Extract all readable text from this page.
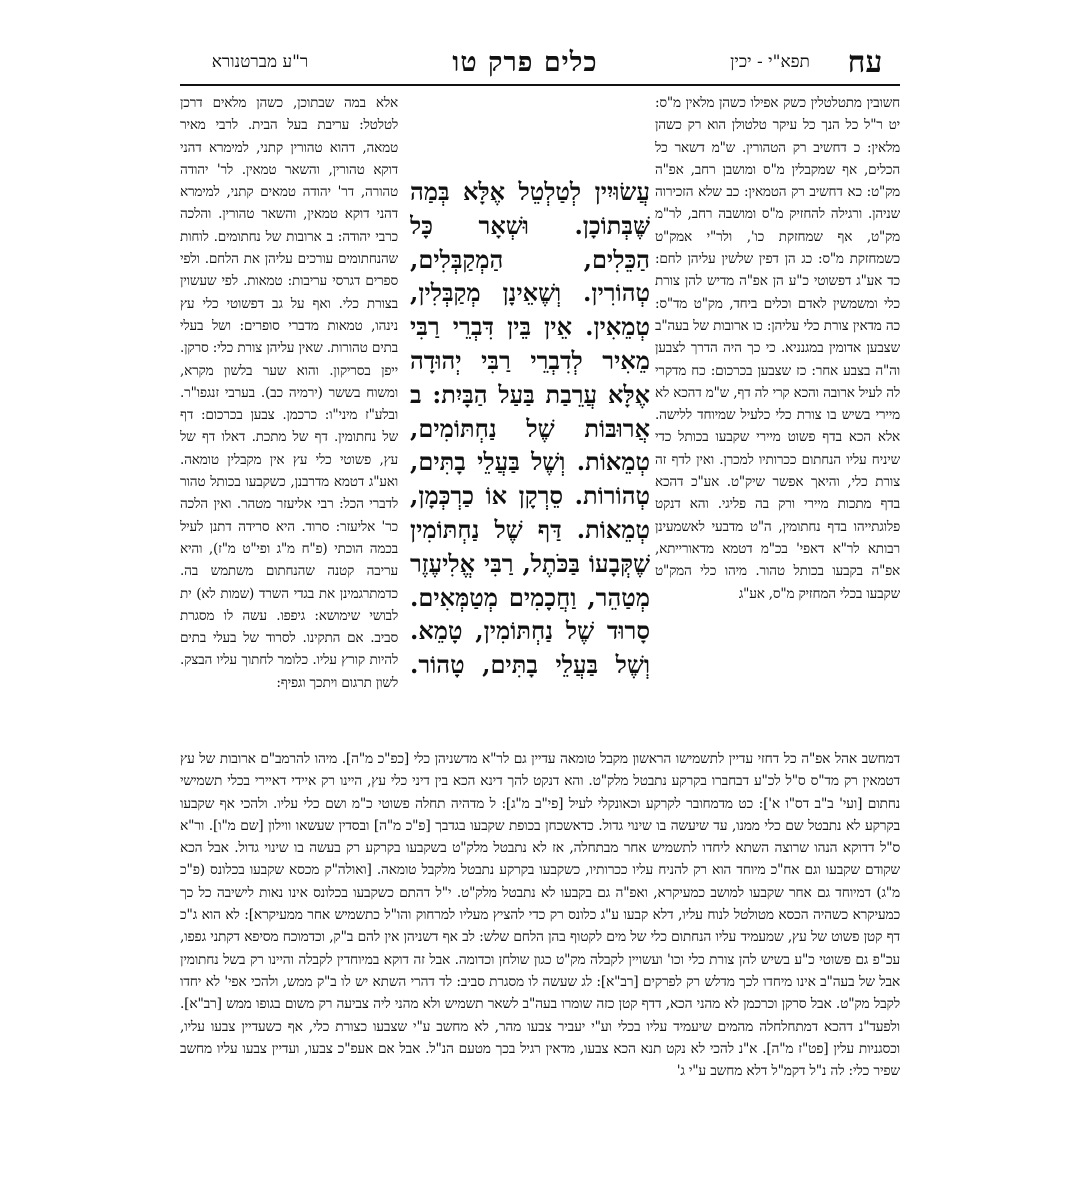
עח
תפא"י - יכין
כלים פרק טו
ר"ע מברטנורא

חשובין מתטלטלין כשק אפילו כשהן מלאין מ"ס: יט ר"ל כל הנך כל עיקר טלטולן הוא רק כשהן מלאין: כ דחשיב רק הטהורין. ש"מ דשאר כל הכלים, אף שמקבלין מ"ס ומושבן רחב, אפ"ה מק"ט: כא דחשיב רק הטמאין: כב שלא הזכירוה שניהן. ורגילה להחזיק מ"ס ומושבה רחב, לר"מ מק"ט, אף שמחזקת כו', ולר"י אמק"ט כשמחזקת מ"ס: כג הן דפין שלשין עליהן לחם: כד אע"ג דפשוטי כ"ע הן אפ"ה מדיש להן צורת כלי ומשמשין לאדם וכלים ביחד, מק"ט מד"ס: כה מדאין צורת כלי עליהן: כו ארובות של בעה"ב שצבען אדומין במגנניא. כי כך היה הדרך לצבען וה"ה בצבע אחר: כז שצבען בכרכום: כח מדקרי לה לעיל ארובה והכא קרי לה דף, ש"מ דהכא לא מיירי בשיש בו צורת כלי כלעיל שמיוחד ללישה. אלא הכא בדף פשוט מיירי שקבעו בכותל כדי שיניח עליו הנחתום ככרותיו למכרן. ואין לדף זה צורת כלי, והיאך אפשר שיק"ט. אע"כ דהכא בדף מתכות מיירי ורק בה פליגי. והא דנקט פלוגתייהו בדף נחתומין, ה"ט מדבעי לאשמעינן רבותא לר"א דאפי' בכ"מ דטמא מדאורייתא, אפ"ה בקבעו בכותל טהור. מיהו כלי המק"ט שקבעו בכלי המחזיק מ"ס, אע"ג

עֲשׂוּיִין לְטַלְטֵל אֶלָּא בְּמַה שֶּׁבְּתוֹכָן. וּשְׁאָר כָּל הַכֵּלִים, הַמְקַבְּלִים, טְהוֹרִין. וְשֶׁאֵינָן מְקַבְּלִין, טְמֵאִין. אֵין בֵּין דִּבְרֵי רַבִּי מֵאִיר לְדִבְרֵי רַבִּי יְהוּדָה אֶלָּא עֲרֵבַת בַּעַל הַבָּיִת: ב אֲרוּבּוֹת שֶׁל נַחְתּוֹמִים, טְמֵאוֹת. וְשֶׁל בַּעֲלֵי בָתִּים, טְהוֹרוֹת. סֵרְקָן אוֹ כַרְכְּמָן, טְמֵאוֹת. דַּף שֶׁל נַחְתּוֹמִין שֶׁקְּבָעוֹ בַּכֹּתֶל, רַבִּי אֱלִיעֶזֶר מְטַהֵר, וַחֲכָמִים מְטַמְּאִים. סָרוּד שֶׁל נַחְתּוֹמִין, טָמֵא. וְשֶׁל בַּעֲלֵי בָתִּים, טָהוֹר.

אלא במה שבתוכן, כשהן מלאים דרכן לטלטל: עריבת בעל הבית. לרבי מאיר טמאה, דהוא טהורין קתני, למימרא דהני דוקא טהורין, והשאר טמאין. לר' יהודה טהורה, דר' יהודה טמאים קתני, למימרא דהני דוקא טמאין, והשאר טהורין. והלכה כרבי יהודה: ב ארובות של נחתומים. לוחות שהנחתומים עורכים עליהן את הלחם. ולפי ספרים דגרסי עריבות: טמאות. לפי שעשוין בצורת כלי. ואף על גב דפשוטי כלי עץ נינהו, טמאות מדברי סופרים: ושל בעלי בתים טהורות. שאין עליהן צורת כלי: סרקן. ייפן בסריקון. והוא שער בלשון מקרא, ומשוח בששר (ירמיה כב). בערבי זנגפו"ר. ובלע"ז מיני"ו: כרכמן. צבען בכרכום: דף של נחתומין. דף של מתכת. דאלו דף של עץ, פשוטי כלי עץ אין מקבלין טומאה. ואע"ג דטמא מדרבנן, כשקבעו בכותל טהור לדברי הכל: רבי אליעזר מטהר. ואין הלכה כר' אליעזר: סרוד. היא סרידה דתנן לעיל בכמה הוכתי (פ"ח מ"ג ופי"ט מ"ז), והיא עריבה קטנה שהנחתום משתמש בה. כדמתרגמינן את בגדי השרד (שמות לא) ית לבושי שימושא: גיפפו. עשה לו מסגרת סביב. אם התקינו. לסרוד של בעלי בתים להיות קורץ עליו. כלומר לחתוך עליו הבצק. לשון תרגום ויתכך וגפיף:

דמחשב אהל אפ"ה כל דחזי עדיין לתשמישו הראשון מקבל טומאה עדיין גם לר"א מדשניהן כלי [כפ"כ מ"ה]. מיהו להרמב"ם ארובות של עץ דטמאין רק מד"ס ס"ל לכ"ע דבחברו בקרקע נתבטל מלק"ט. והא דנקט להך דינא הכא בין דיני כלי עץ, היינו רק איידי דאיירי בכלי תשמישי נחתום [ועי' ב"ב דס"ו א']: כט מדמחובר לקרקע וכאונקלי לעיל [פי"ב מ"ג]: ל מדהיה תחלה פשוטי כ"מ ושם כלי עליו. ולהכי אף שקבעו בקרקע לא נתבטל שם כלי ממנו, עד שיעשה בו שינוי גדול. כדאשכחן בכופת שקבעו בגדבך [פ"כ מ"ה] ובסדין שעשאו ווילון [שם מ"ו]. ור"א ס"ל דדוקא הנהו שרוצה השתא ליחדו לתשמיש אחר מבתחלה, אז לא נתבטל מלק"ט בשקבעו בקרקע רק בעשה בו שינוי גדול. אבל הכא שקודם שקבעו וגם אח"כ מיוחד הוא רק להניח עליו ככרותיו, כשקבעו בקרקע נתבטל מלקבל טומאה. [ואולה"ק מכסא שקבעו בכלונס (פ"כ מ"ג) דמיוחד גם אחר שקבעו למושב כמעיקרא, ואפ"ה גם בקבעו לא נתבטל מלק"ט. י"ל דהתם כשקבעו בכלונס אינו נאות לישיבה כל כך כמעיקרא כשהיה הכסא מטולטל לנוח עליו, דלא קבעו ע"ג כלונס רק כדי להציץ מעליו למרחוק והו"ל כתשמיש אחר ממעיקרא]: לא הוא ג"כ דף קטן פשוט של עץ, שמעמיד עליו הנחתום כלי של מים לקטוף בהן הלחם שלש: לב אף דשניהן אין להם ב"ק, וכדמוכח מסיפא דקתני גפפו, עכ"פ גם פשוטי כ"ע בשיש להן צורת כלי וכו' ועשויין לקבלה מק"ט כגון שולחן וכדומה. אבל זה דוקא במיוחדין לקבלה והיינו רק בשל נחתומין אבל של בעה"ב אינו מיחדו לכך מדלש רק לפרקים [רב"א]: לג שעשה לו מסגרת סביב: לד דהרי השתא יש לו ב"ק ממש, ולהכי אפי' לא יחדו לקבל מק"ט. אבל סרקן וכרכמן לא מהני הכא, דדף קטן כזה שומרו בעה"ב לשאר תשמיש ולא מהני ליה צביעה רק משום בגופו ממש [רב"א]. ולפעד"נ דהכא דמתחלחלה מהמים שיעמיד עליו בכלי וע"י יעביר צבעו מהר, לא מחשב ע"י שצבעו כצורת כלי, אף כשעדיין צבעו עליו, וכסגניות עלין [פט"ז מ"ה]. א"נ להכי לא נקט תנא הכא צבעו, מדאין רגיל בכך מטעם הנ"ל. אבל אם אעפ"כ צבעו, ועדיין צבעו עליו מחשב שפיר כלי: לה נ"ל דקמ"ל דלא מחשב ע"י ג'
